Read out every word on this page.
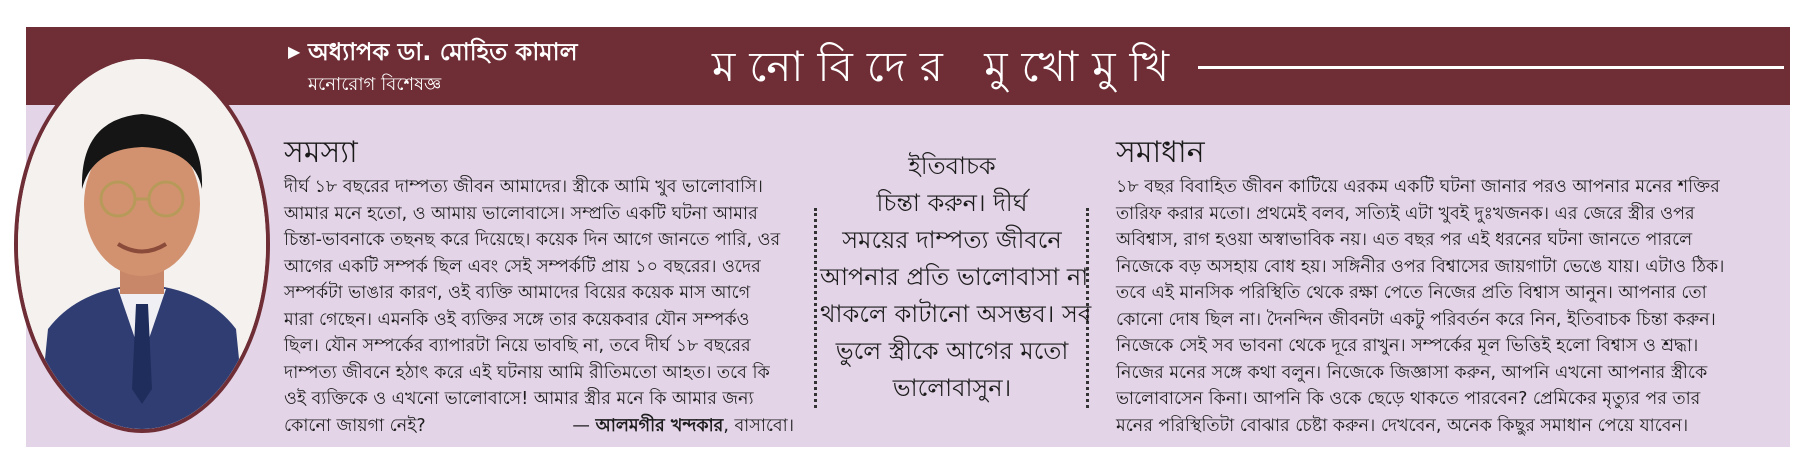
▶ অধ্যাপক ডা. মোহিত কামাল
মনোরোগ বিশেষজ্ঞ	মনোবিদের মুখোমুখি
সমস্যা
দীর্ঘ ১৮ বছরের দাম্পত্য জীবন আমাদের। স্ত্রীকে আমি খুব ভালোবাসি।
আমার মনে হতো, ও আমায় ভালোবাসে। সম্প্রতি একটি ঘটনা আমার
চিন্তা-ভাবনাকে তছনছ করে দিয়েছে। কয়েক দিন আগে জানতে পারি, ওর
আগের একটি সম্পর্ক ছিল এবং সেই সম্পর্কটি প্রায় ১০ বছরের। ওদের
সম্পর্কটা ভাঙার কারণ, ওই ব্যক্তি আমাদের বিয়ের কয়েক মাস আগে
মারা গেছেন। এমনকি ওই ব্যক্তির সঙ্গে তার কয়েকবার যৌন সম্পর্কও
ছিল। যৌন সম্পর্কের ব্যাপারটা নিয়ে ভাবছি না, তবে দীর্ঘ ১৮ বছরের
দাম্পত্য জীবনে হঠাৎ করে এই ঘটনায় আমি রীতিমতো আহত। তবে কি
ওই ব্যক্তিকে ও এখনো ভালোবাসে! আমার স্ত্রীর মনে কি আমার জন্য
কোনো জায়গা নেই?	— আলমগীর খন্দকার, বাসাবো।
ইতিবাচক
চিন্তা করুন। দীর্ঘ
সময়ের দাম্পত্য জীবনে
আপনার প্রতি ভালোবাসা না
থাকলে কাটানো অসম্ভব। সব
ভুলে স্ত্রীকে আগের মতো
ভালোবাসুন।
সমাধান
১৮ বছর বিবাহিত জীবন কাটিয়ে এরকম একটি ঘটনা জানার পরও আপনার মনের শক্তির
তারিফ করার মতো। প্রথমেই বলব, সত্যিই এটা খুবই দুঃখজনক। এর জেরে স্ত্রীর ওপর
অবিশ্বাস, রাগ হওয়া অস্বাভাবিক নয়। এত বছর পর এই ধরনের ঘটনা জানতে পারলে
নিজেকে বড় অসহায় বোধ হয়। সঙ্গিনীর ওপর বিশ্বাসের জায়গাটা ভেঙে যায়। এটাও ঠিক।
তবে এই মানসিক পরিস্থিতি থেকে রক্ষা পেতে নিজের প্রতি বিশ্বাস আনুন। আপনার তো
কোনো দোষ ছিল না। দৈনন্দিন জীবনটা একটু পরিবর্তন করে নিন, ইতিবাচক চিন্তা করুন।
নিজেকে সেই সব ভাবনা থেকে দূরে রাখুন। সম্পর্কের মূল ভিত্তিই হলো বিশ্বাস ও শ্রদ্ধা।
নিজের মনের সঙ্গে কথা বলুন। নিজেকে জিজ্ঞাসা করুন, আপনি এখনো আপনার স্ত্রীকে
ভালোবাসেন কিনা। আপনি কি ওকে ছেড়ে থাকতে পারবেন? প্রেমিকের মৃত্যুর পর তার
মনের পরিস্থিতিটা বোঝার চেষ্টা করুন। দেখবেন, অনেক কিছুর সমাধান পেয়ে যাবেন।
